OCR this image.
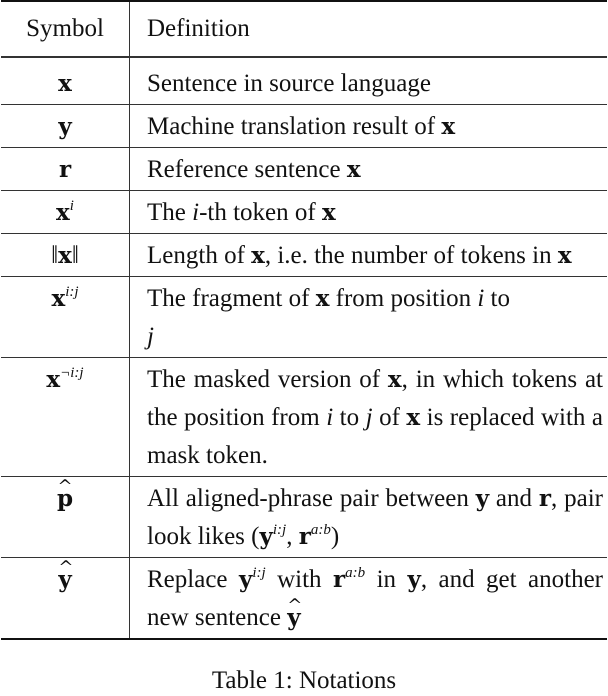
Symbol	Definition
x	Sentence in source language
y	Machine translation result of x
r	Reference sentence x
$x^i$	The i-th token of x
‖x‖	Length of x, i.e. the number of tokens in x
$x^{i:j}$	The fragment of x from position i to
j
$x^{\neg i:j}$	The masked version of x, in which tokens at the position from i to j of x is replaced with a mask token.
^ p	All aligned-phrase pair between y and r, pair look likes ($y^{i:j}$, $r^{a:b}$)
^ y	Replace $y^{i:j}$ with $r^{a:b}$ in y, and get another new sentence ^ y
Table 1: Notations
